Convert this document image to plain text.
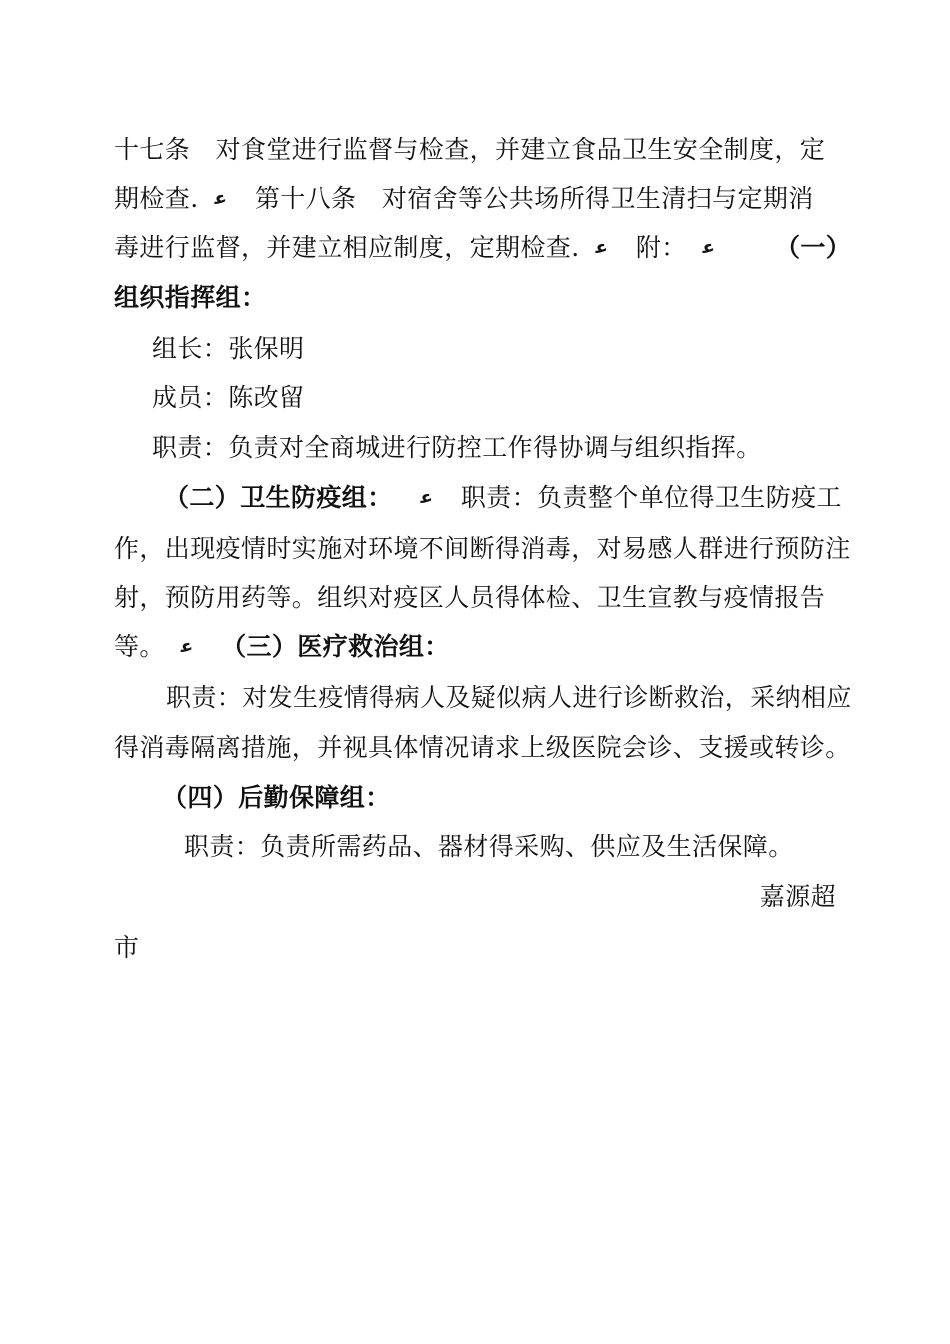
十七条　对食堂进行监督与检查，并建立食品卫生安全制度，定
期检查. ﻋ 第十八条　对宿舍等公共场所得卫生清扫与定期消
毒进行监督，并建立相应制度，定期检查. ﻋ 附： ﻋ （一）
组织指挥组：
组长：张保明
成员：陈改留
职责：负责对全商城进行防控工作得协调与组织指挥。
（二）卫生防疫组： ﻋ 职责：负责整个单位得卫生防疫工
作，出现疫情时实施对环境不间断得消毒，对易感人群进行预防注
射，预防用药等。组织对疫区人员得体检、卫生宣教与疫情报告
等。 ﻋ （三）医疗救治组：
职责：对发生疫情得病人及疑似病人进行诊断救治，采纳相应
得消毒隔离措施，并视具体情况请求上级医院会诊、支援或转诊。
（四）后勤保障组：
职责：负责所需药品、器材得采购、供应及生活保障。
嘉源超
市
